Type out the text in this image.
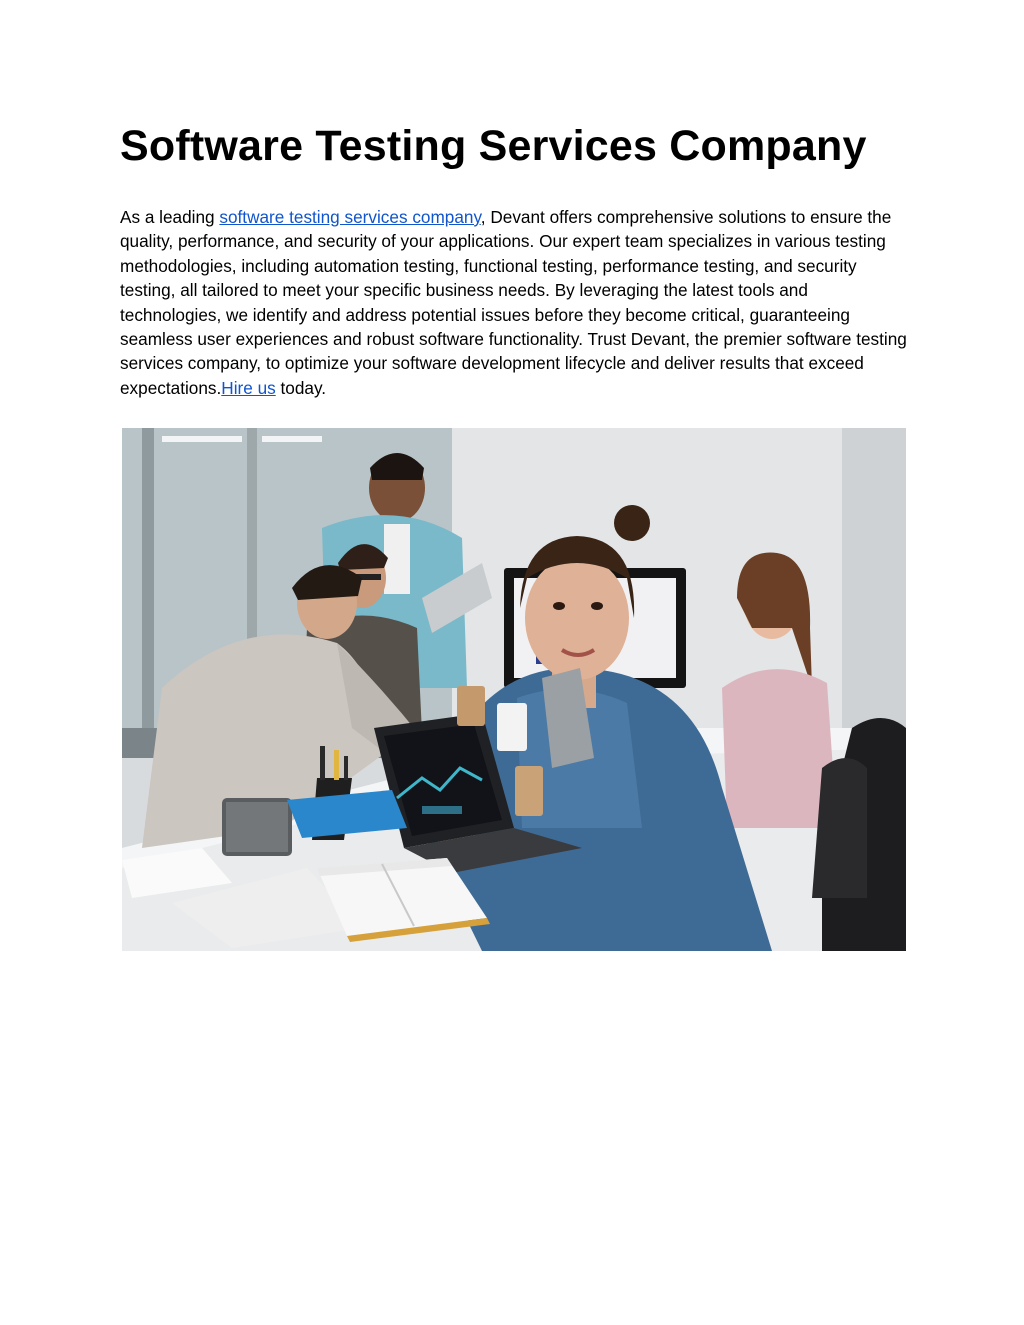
Software Testing Services Company

As a leading software testing services company, Devant offers comprehensive solutions to ensure the quality, performance, and security of your applications. Our expert team specializes in various testing methodologies, including automation testing, functional testing, performance testing, and security testing, all tailored to meet your specific business needs. By leveraging the latest tools and technologies, we identify and address potential issues before they become critical, guaranteeing seamless user experiences and robust software functionality. Trust Devant, the premier software testing services company, to optimize your software development lifecycle and deliver results that exceed expectations.Hire us today.
